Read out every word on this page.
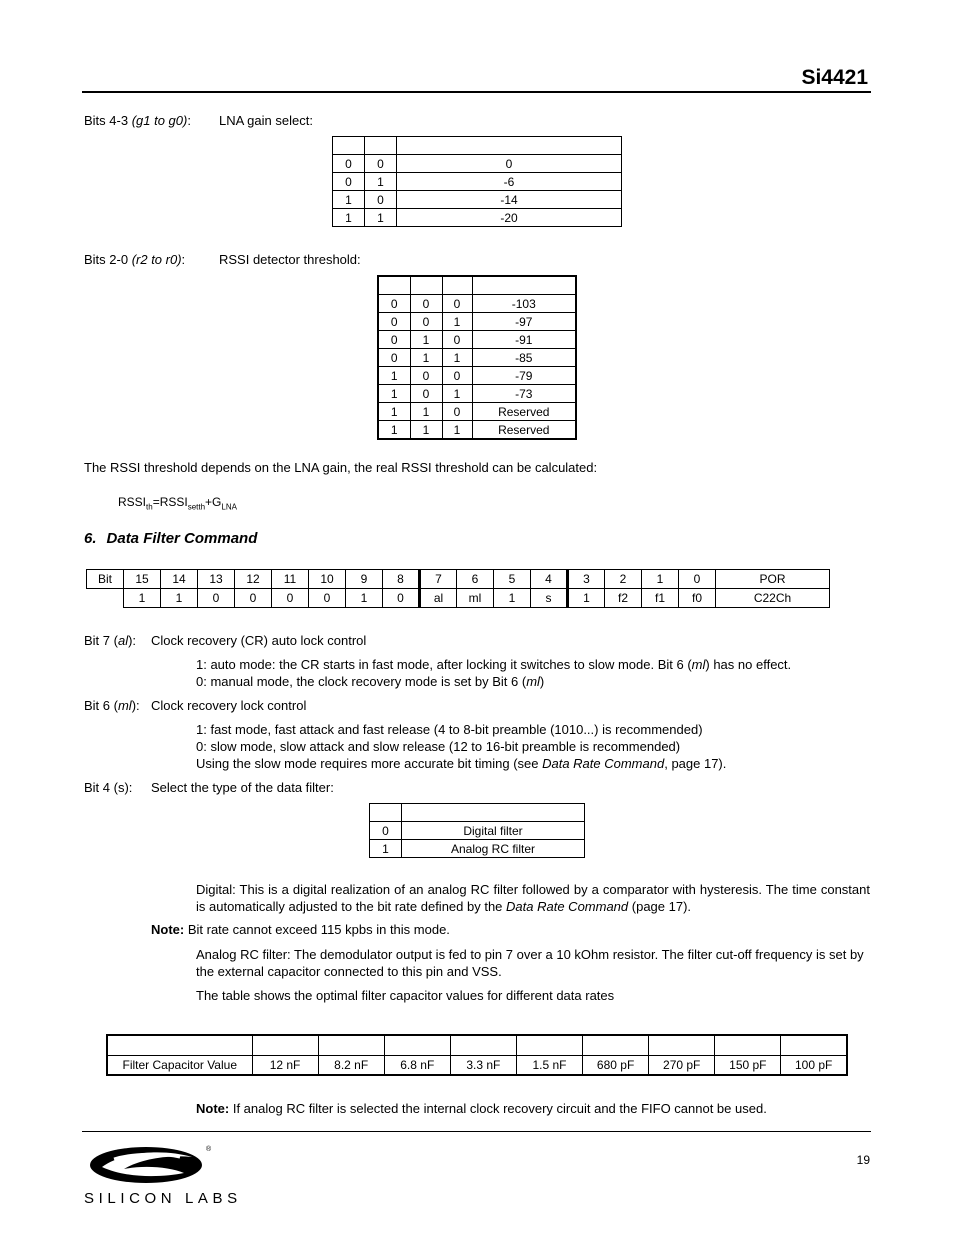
Si4421
Bits 4-3 (g1 to g0): LNA gain select:

0	0	0
0	1	-6
1	0	-14
1	1	-20
Bits 2-0 (r2 to r0):	RSSI detector threshold:

0	0	0	-103
0	0	1	-97
0	1	0	-91
0	1	1	-85
1	0	0	-79
1	0	1	-73
1	1	0	Reserved
1	1	1	Reserved
The RSSI threshold depends on the LNA gain, the real RSSI threshold can be calculated:
$RSSI_{th}=RSSI_{setth}+G_{LNA}$
6. Data Filter Command
Bit	15	14	13	12	11	10	9	8	7	6	5	4	3	2	1	0	POR
	1	1	0	0	0	0	1	0	al	ml	1	s	1	f2	f1	f0	C22Ch
Bit 7 (al): Clock recovery (CR) auto lock control
1: auto mode: the CR starts in fast mode, after locking it switches to slow mode. Bit 6 (ml) has no effect.
0: manual mode, the clock recovery mode is set by Bit 6 (ml)
Bit 6 (ml): Clock recovery lock control
1: fast mode, fast attack and fast release (4 to 8-bit preamble (1010...) is recommended)
0: slow mode, slow attack and slow release (12 to 16-bit preamble is recommended)
Using the slow mode requires more accurate bit timing (see Data Rate Command, page 17).
Bit 4 (s): Select the type of the data filter:

0	Digital filter
1	Analog RC filter
Digital: This is a digital realization of an analog RC filter followed by a comparator with hysteresis. The time constant is automatically adjusted to the bit rate defined by the Data Rate Command (page 17).
Note: Bit rate cannot exceed 115 kpbs in this mode.
Analog RC filter: The demodulator output is fed to pin 7 over a 10 kOhm resistor. The filter cut-off frequency is set by the external capacitor connected to this pin and VSS.
The table shows the optimal filter capacitor values for different data rates

Filter Capacitor Value	12 nF	8.2 nF	6.8 nF	3.3 nF	1.5 nF	680 pF	270 pF	150 pF	100 pF
Note: If analog RC filter is selected the internal clock recovery circuit and the FIFO cannot be used.
®
SILICON LABS
19
